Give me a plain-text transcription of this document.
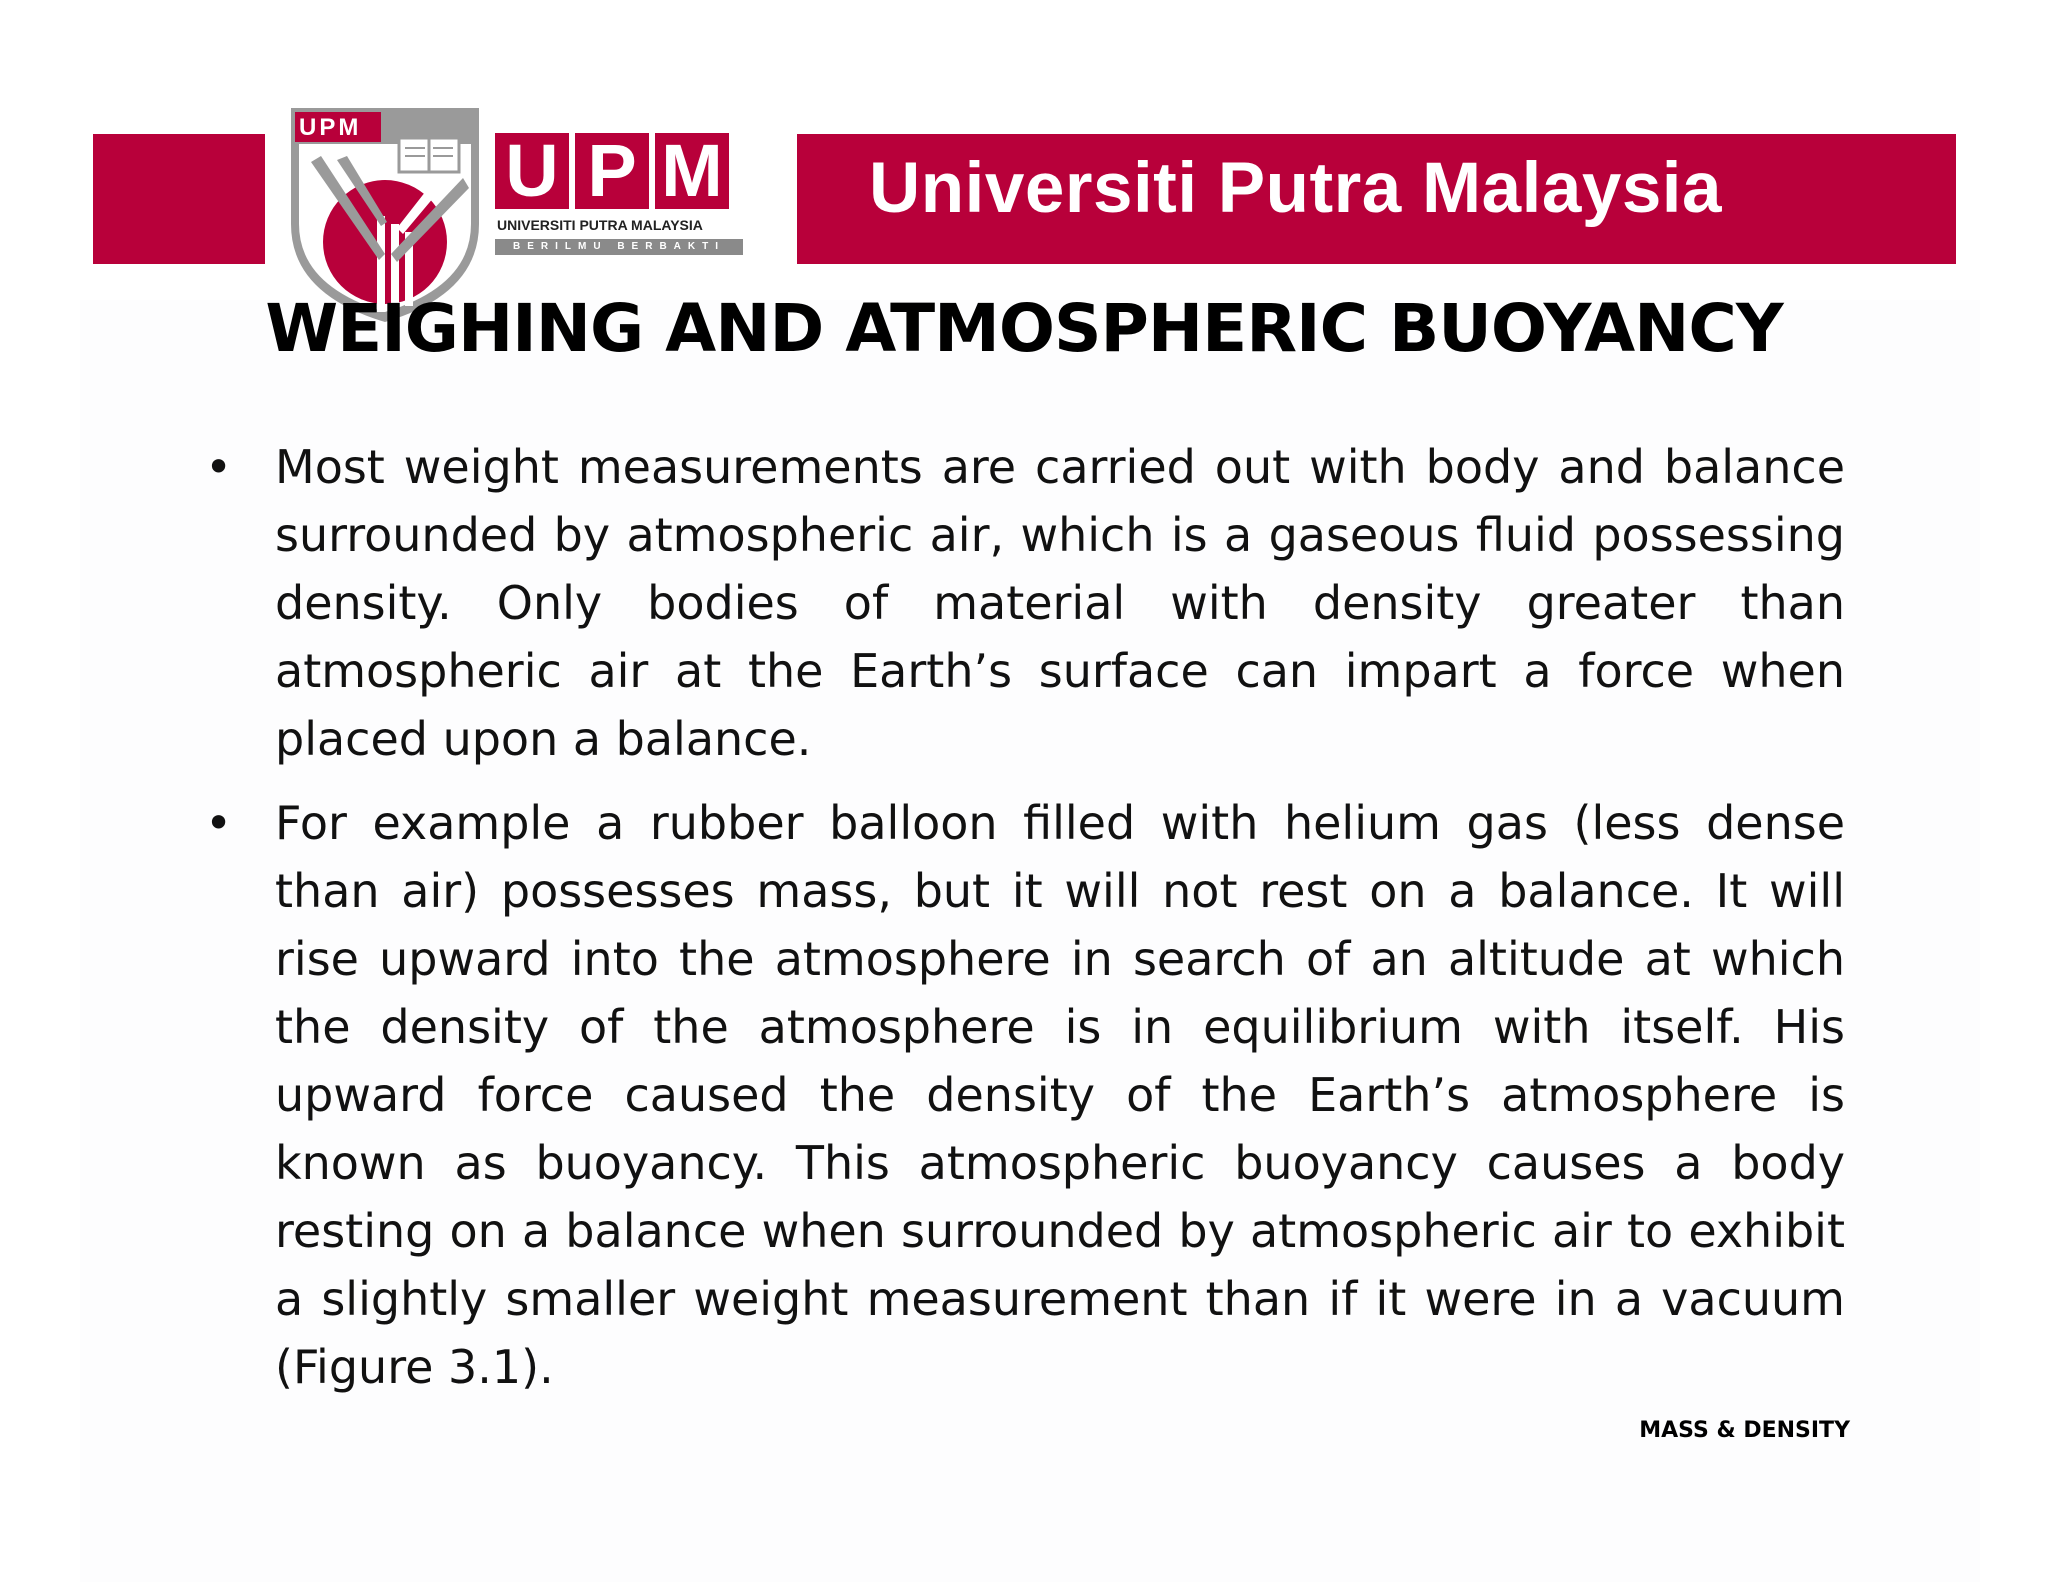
Universiti Putra Malaysia
UPM
U P M
UNIVERSITI PUTRA MALAYSIA
BERILMU BERBAKTI
WEIGHING AND ATMOSPHERIC BUOYANCY
• Most weight measurements are carried out with body and balance surrounded by atmospheric air, which is a gaseous fluid possessing density. Only bodies of material with density greater than atmospheric air at the Earth’s surface can impart a force when placed upon a balance.
• For example a rubber balloon filled with helium gas (less dense than air) possesses mass, but it will not rest on a balance. It will rise upward into the atmosphere in search of an altitude at which the density of the atmosphere is in equilibrium with itself. His upward force caused the density of the Earth’s atmosphere is known as buoyancy. This atmospheric buoyancy causes a body resting on a balance when surrounded by atmospheric air to exhibit a slightly smaller weight measurement than if it were in a vacuum (Figure 3.1).
MASS & DENSITY
